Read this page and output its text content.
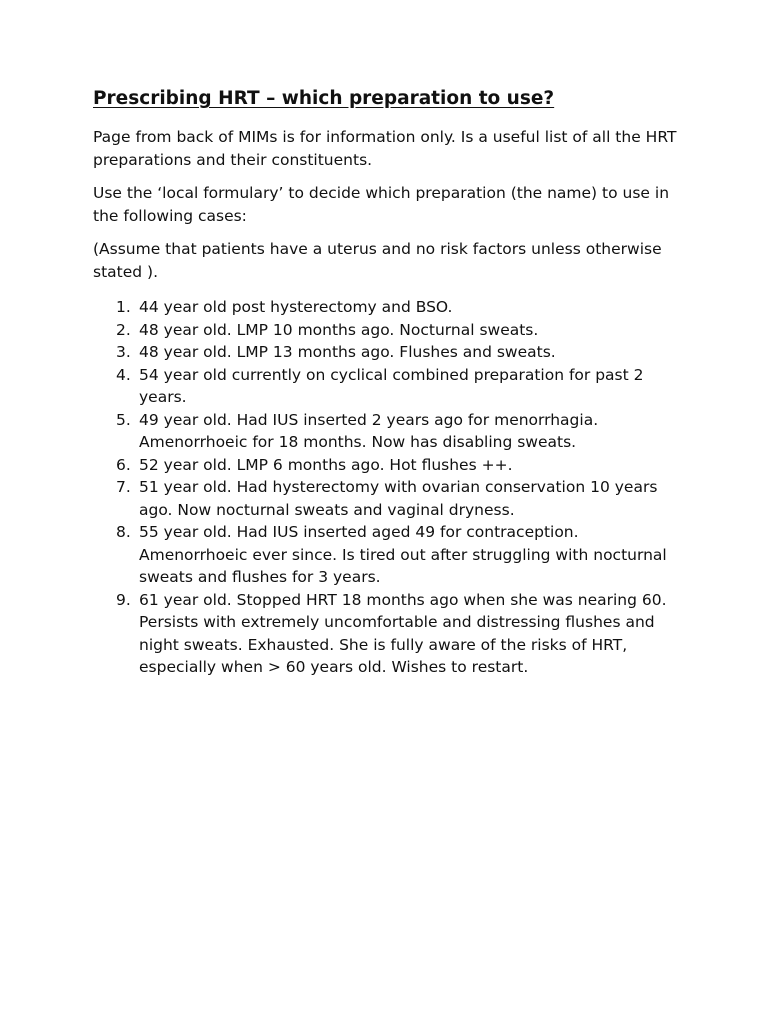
Prescribing HRT – which preparation to use?

Page from back of MIMs is for information only. Is a useful list of all the HRT preparations and their constituents.

Use the ‘local formulary’ to decide which preparation (the name) to use in the following cases:

(Assume that patients have a uterus and no risk factors unless otherwise stated ).

1. 44 year old post hysterectomy and BSO.
2. 48 year old. LMP 10 months ago. Nocturnal sweats.
3. 48 year old. LMP 13 months ago. Flushes and sweats.
4. 54 year old currently on cyclical combined preparation for past 2 years.
5. 49 year old. Had IUS inserted 2 years ago for menorrhagia. Amenorrhoeic for 18 months. Now has disabling sweats.
6. 52 year old. LMP 6 months ago. Hot flushes ++.
7. 51 year old. Had hysterectomy with ovarian conservation 10 years ago. Now nocturnal sweats and vaginal dryness.
8. 55 year old. Had IUS inserted aged 49 for contraception. Amenorrhoeic ever since. Is tired out after struggling with nocturnal sweats and flushes for 3 years.
9. 61 year old. Stopped HRT 18 months ago when she was nearing 60. Persists with extremely uncomfortable and distressing flushes and night sweats. Exhausted. She is fully aware of the risks of HRT, especially when > 60 years old. Wishes to restart.
